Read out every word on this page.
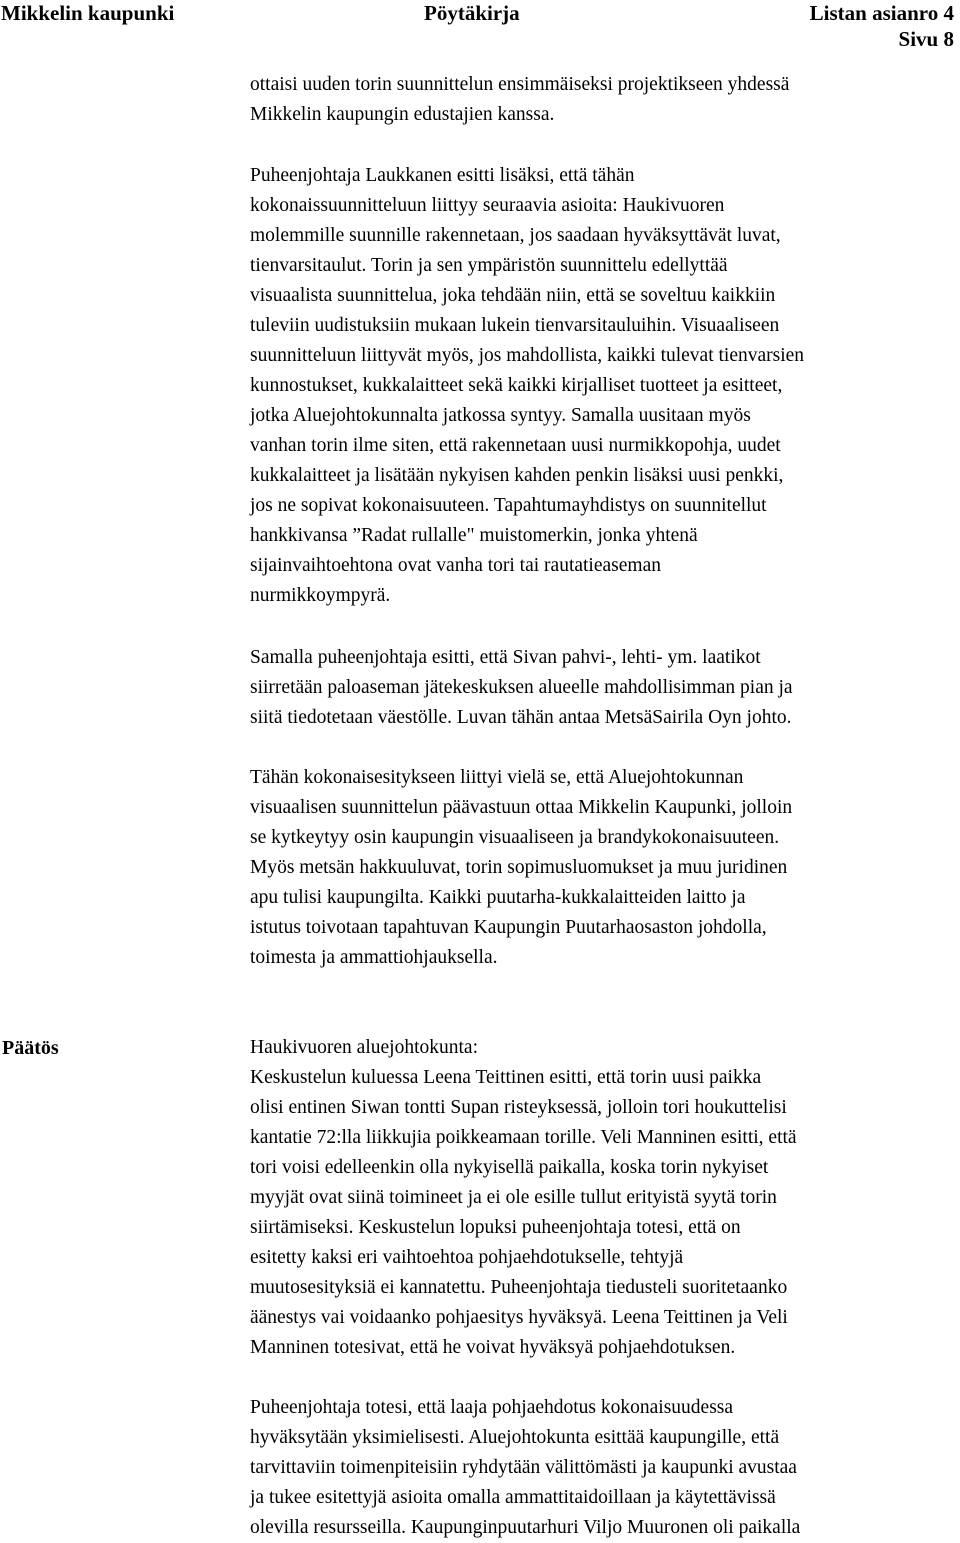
Mikkelin kaupunki	Pöytäkirja	Listan asianro 4
Sivu 8

ottaisi uuden torin suunnittelun ensimmäiseksi projektikseen yhdessä
Mikkelin kaupungin edustajien kanssa.

Puheenjohtaja Laukkanen esitti lisäksi, että tähän
kokonaissuunnitteluun liittyy seuraavia asioita: Haukivuoren
molemmille suunnille rakennetaan, jos saadaan hyväksyttävät luvat,
tienvarsitaulut. Torin ja sen ympäristön suunnittelu edellyttää
visuaalista suunnittelua, joka tehdään niin, että se soveltuu kaikkiin
tuleviin uudistuksiin mukaan lukein tienvarsitauluihin. Visuaaliseen
suunnitteluun liittyvät myös, jos mahdollista, kaikki tulevat tienvarsien
kunnostukset, kukkalaitteet sekä kaikki kirjalliset tuotteet ja esitteet,
jotka Aluejohtokunnalta jatkossa syntyy. Samalla uusitaan myös
vanhan torin ilme siten, että rakennetaan uusi nurmikkopohja, uudet
kukkalaitteet ja lisätään nykyisen kahden penkin lisäksi uusi penkki,
jos ne sopivat kokonaisuuteen. Tapahtumayhdistys on suunnitellut
hankkivansa ”Radat rullalle" muistomerkin, jonka yhtenä
sijainvaihtoehtona ovat vanha tori tai rautatieaseman
nurmikkoympyrä.

Samalla puheenjohtaja esitti, että Sivan pahvi-, lehti- ym. laatikot
siirretään paloaseman jätekeskuksen alueelle mahdollisimman pian ja
siitä tiedotetaan väestölle. Luvan tähän antaa MetsäSairila Oyn johto.

Tähän kokonaisesitykseen liittyi vielä se, että Aluejohtokunnan
visuaalisen suunnittelun päävastuun ottaa Mikkelin Kaupunki, jolloin
se kytkeytyy osin kaupungin visuaaliseen ja brandykokonaisuuteen.
Myös metsän hakkuuluvat, torin sopimusluomukset ja muu juridinen
apu tulisi kaupungilta. Kaikki puutarha-kukkalaitteiden laitto ja
istutus toivotaan tapahtuvan Kaupungin Puutarhaosaston johdolla,
toimesta ja ammattiohjauksella.

Päätös	Haukivuoren aluejohtokunta:
Keskustelun kuluessa Leena Teittinen esitti, että torin uusi paikka
olisi entinen Siwan tontti Supan risteyksessä, jolloin tori houkuttelisi
kantatie 72:lla liikkujia poikkeamaan torille. Veli Manninen esitti, että
tori voisi edelleenkin olla nykyisellä paikalla, koska torin nykyiset
myyjät ovat siinä toimineet ja ei ole esille tullut erityistä syytä torin
siirtämiseksi. Keskustelun lopuksi puheenjohtaja totesi, että on
esitetty kaksi eri vaihtoehtoa pohjaehdotukselle, tehtyjä
muutosesityksiä ei kannatettu. Puheenjohtaja tiedusteli suoritetaanko
äänestys vai voidaanko pohjaesitys hyväksyä. Leena Teittinen ja Veli
Manninen totesivat, että he voivat hyväksyä pohjaehdotuksen.

Puheenjohtaja totesi, että laaja pohjaehdotus kokonaisuudessa
hyväksytään yksimielisesti. Aluejohtokunta esittää kaupungille, että
tarvittaviin toimenpiteisiin ryhdytään välittömästi ja kaupunki avustaa
ja tukee esitettyjä asioita omalla ammattitaidoillaan ja käytettävissä
olevilla resursseilla. Kaupunginpuutarhuri Viljo Muuronen oli paikalla
